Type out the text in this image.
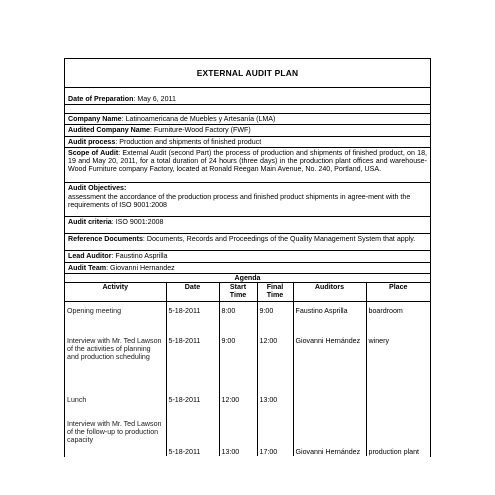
EXTERNAL AUDIT PLAN
Date of Preparation: May 6, 2011
Company Name: Latinoamericana de Muebles y Artesanía (LMA)
Audited Company Name: Furniture-Wood Factory (FWF)
Audit process: Production and shipments of finished product
Scope of Audit: External Audit (second Part) the process of production and shipments of finished product, on 18, 19 and May 20, 2011, for a total duration of 24 hours (three days) in the production plant offices and warehouse-Wood Furniture company Factory, located at Ronald Reegan Main Avenue, No. 240, Portland, USA.
Audit Objectives:
assessment the accordance of the production process and finished product shipments in agree-ment with the requirements of ISO 9001:2008
Audit criteria: ISO 9001:2008
Reference Documents: Documents, Records and Proceedings of the Quality Management System that apply.
Lead Auditor: Faustino Asprilla
Audit Team: Giovanni Hernandez
Agenda
Activity	Date	Start Time	Final Time	Auditors	Place
Opening meeting	5-18-2011	8:00	9:00	Faustino Asprilla	boardroom
Interview with Mr. Ted Lawson of the activities of planning and production scheduling	5-18-2011	9:00	12:00	Giovanni Hernández	winery
Lunch	5-18-2011	12:00	13:00		
Interview with Mr. Ted Lawson of the follow-up to production capacity	5-18-2011	13:00	17:00	Giovanni Hernández	production plant
